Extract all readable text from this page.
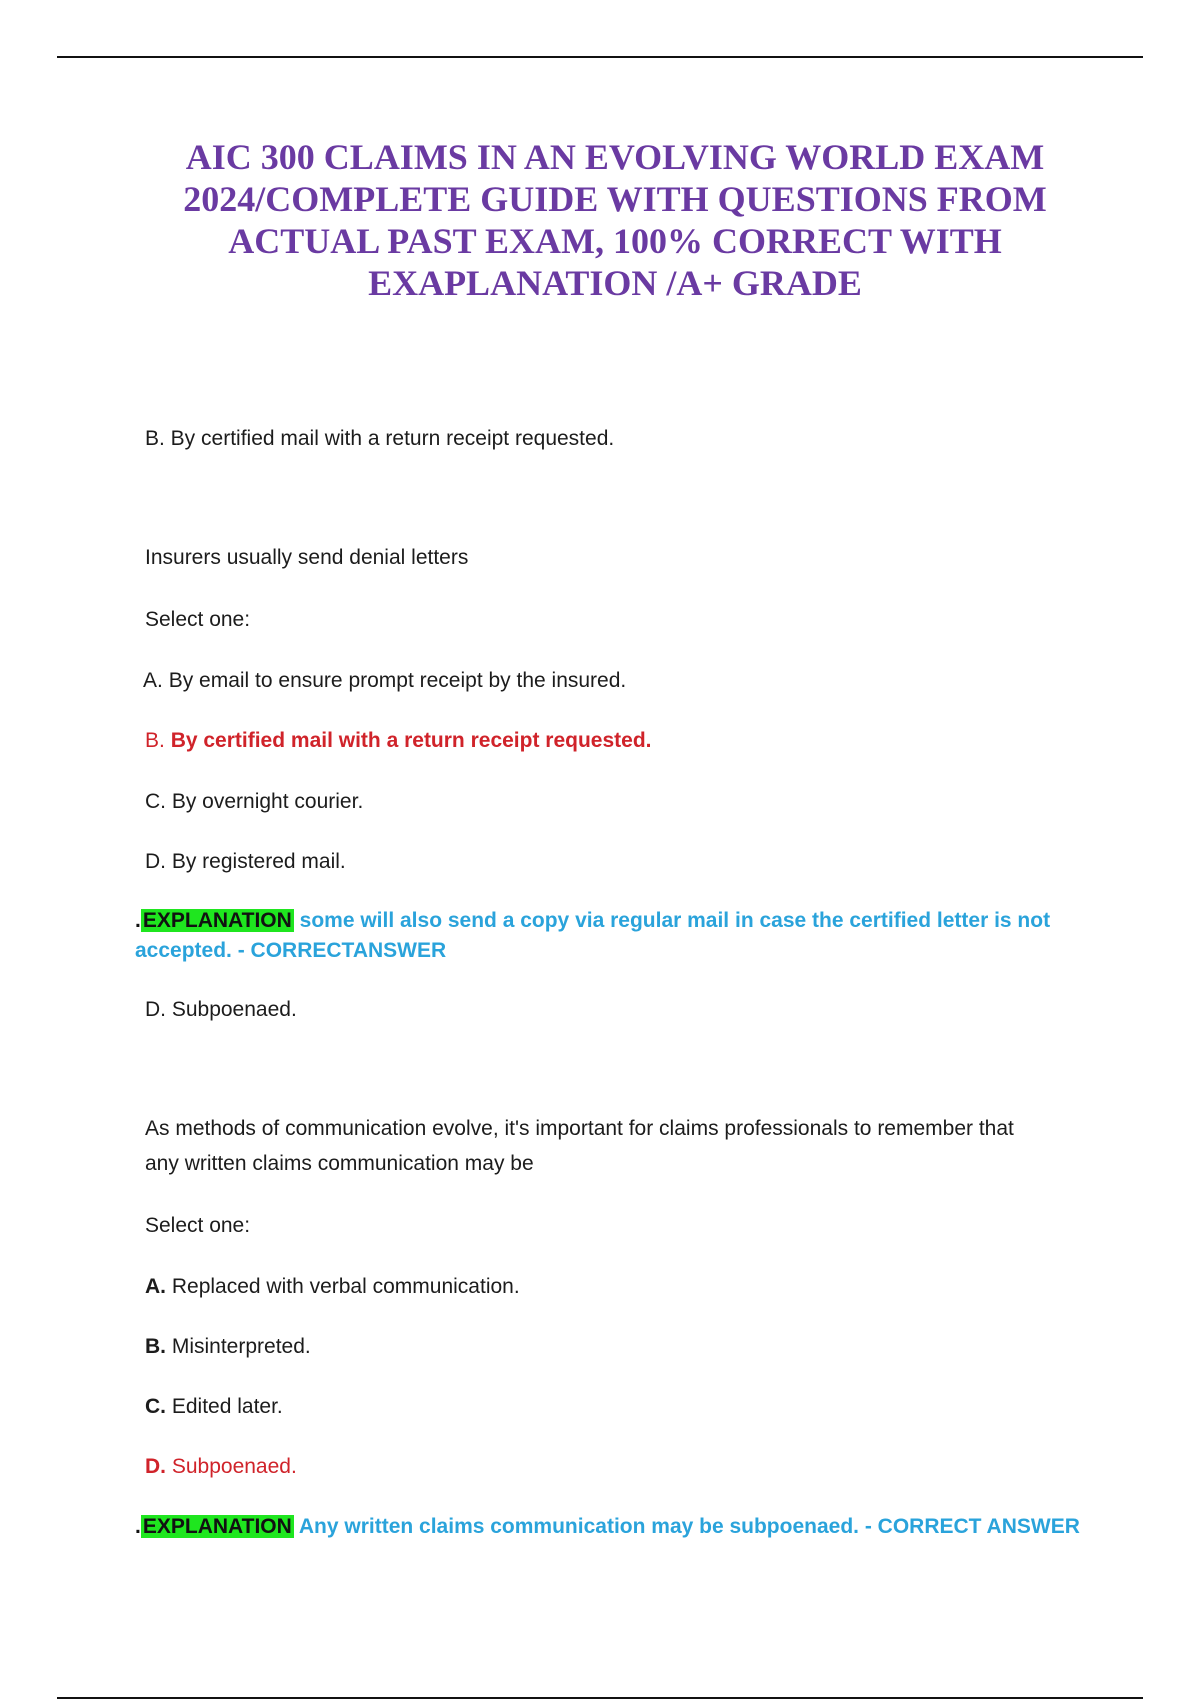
AIC 300 CLAIMS IN AN EVOLVING WORLD EXAM
2024/COMPLETE GUIDE WITH QUESTIONS FROM
ACTUAL PAST EXAM, 100% CORRECT WITH
EXAPLANATION /A+ GRADE

B. By certified mail with a return receipt requested.

Insurers usually send denial letters

Select one:

A. By email to ensure prompt receipt by the insured.

B. By certified mail with a return receipt requested.

C. By overnight courier.

D. By registered mail.

.EXPLANATION some will also send a copy via regular mail in case the certified letter is not
accepted. - CORRECTANSWER

D. Subpoenaed.

As methods of communication evolve, it's important for claims professionals to remember that

any written claims communication may be

Select one:

A. Replaced with verbal communication.

B. Misinterpreted.

C. Edited later.

D. Subpoenaed.

.EXPLANATION Any written claims communication may be subpoenaed. - CORRECT ANSWER
